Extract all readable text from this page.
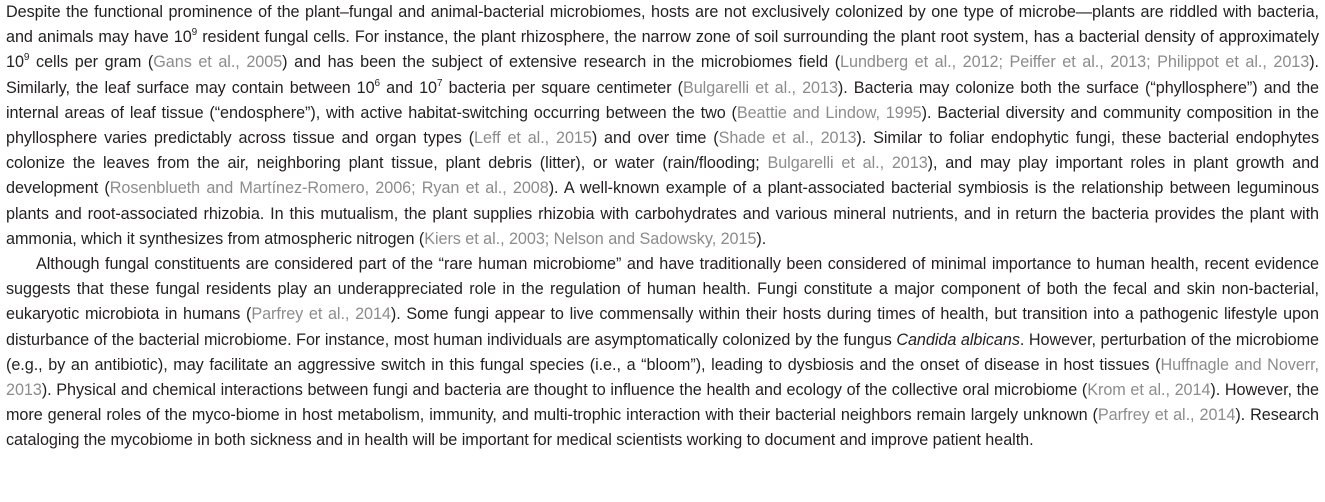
Despite the functional prominence of the plant–fungal and animal-bacterial microbiomes, hosts are not exclusively colonized by one type of microbe—plants are riddled with bacteria, and animals may have $10^9$ resident fungal cells. For instance, the plant rhizosphere, the narrow zone of soil surrounding the plant root system, has a bacterial density of approximately $10^9$ cells per gram (Gans et al., 2005) and has been the subject of extensive research in the microbiomes field (Lundberg et al., 2012; Peiffer et al., 2013; Philippot et al., 2013). Similarly, the leaf surface may contain between $10^6$ and $10^7$ bacteria per square centimeter (Bulgarelli et al., 2013). Bacteria may colonize both the surface (“phyllosphere”) and the internal areas of leaf tissue (“endosphere”), with active habitat-switching occurring between the two (Beattie and Lindow, 1995). Bacterial diversity and community composition in the phyllosphere varies predictably across tissue and organ types (Leff et al., 2015) and over time (Shade et al., 2013). Similar to foliar endophytic fungi, these bacterial endophytes colonize the leaves from the air, neighboring plant tissue, plant debris (litter), or water (rain/flooding; Bulgarelli et al., 2013), and may play important roles in plant growth and development (Rosenblueth and Martínez-Romero, 2006; Ryan et al., 2008). A well-known example of a plant-associated bacterial symbiosis is the relationship between leguminous plants and root-associated rhizobia. In this mutualism, the plant supplies rhizobia with carbohydrates and various mineral nutrients, and in return the bacteria provides the plant with ammonia, which it synthesizes from atmospheric nitrogen (Kiers et al., 2003; Nelson and Sadowsky, 2015).

Although fungal constituents are considered part of the “rare human microbiome” and have traditionally been considered of minimal importance to human health, recent evidence suggests that these fungal residents play an underappreciated role in the regulation of human health. Fungi constitute a major component of both the fecal and skin non-bacterial, eukaryotic microbiota in humans (Parfrey et al., 2014). Some fungi appear to live commensally within their hosts during times of health, but transition into a pathogenic lifestyle upon disturbance of the bacterial microbiome. For instance, most human individuals are asymptomatically colonized by the fungus Candida albicans. However, perturbation of the microbiome (e.g., by an antibiotic), may facilitate an aggressive switch in this fungal species (i.e., a “bloom”), leading to dysbiosis and the onset of disease in host tissues (Huffnagle and Noverr, 2013). Physical and chemical interactions between fungi and bacteria are thought to influence the health and ecology of the collective oral microbiome (Krom et al., 2014). However, the more general roles of the myco-biome in host metabolism, immunity, and multi-trophic interaction with their bacterial neighbors remain largely unknown (Parfrey et al., 2014). Research cataloging the mycobiome in both sickness and in health will be important for medical scientists working to document and improve patient health.
